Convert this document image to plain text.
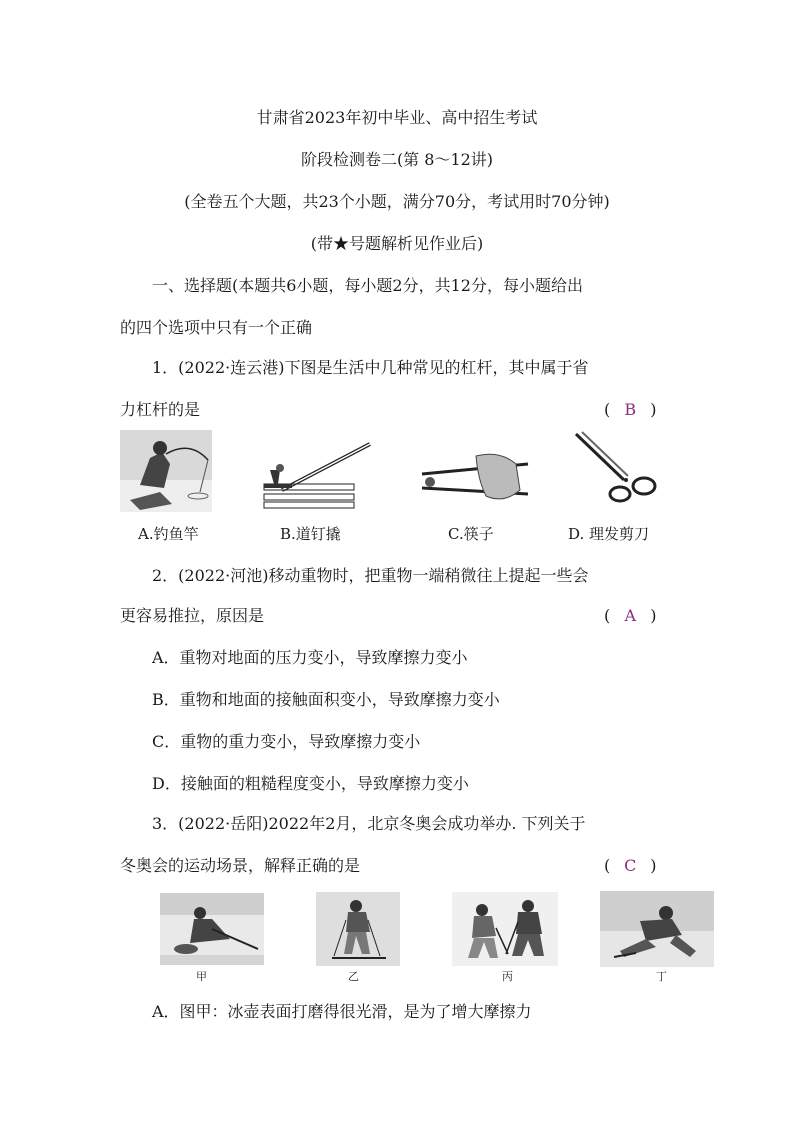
甘肃省2023年初中毕业、高中招生考试
阶段检测卷二(第 8～12讲)
(全卷五个大题，共23个小题，满分70分，考试用时70分钟)
(带★号题解析见作业后)
一、选择题(本题共6小题，每小题2分，共12分，每小题给出
的四个选项中只有一个正确
1．(2022·连云港)下图是生活中几种常见的杠杆，其中属于省
力杠杆的是	( B )
A.钓鱼竿	B.道钉撬	C.筷子	D. 理发剪刀
2．(2022·河池)移动重物时，把重物一端稍微往上提起一些会
更容易推拉，原因是	( A )
A．重物对地面的压力变小，导致摩擦力变小
B．重物和地面的接触面积变小，导致摩擦力变小
C．重物的重力变小，导致摩擦力变小
D．接触面的粗糙程度变小，导致摩擦力变小
3．(2022·岳阳)2022年2月，北京冬奥会成功举办. 下列关于
冬奥会的运动场景，解释正确的是	( C )
甲	乙	丙	丁
A．图甲：冰壶表面打磨得很光滑，是为了增大摩擦力
